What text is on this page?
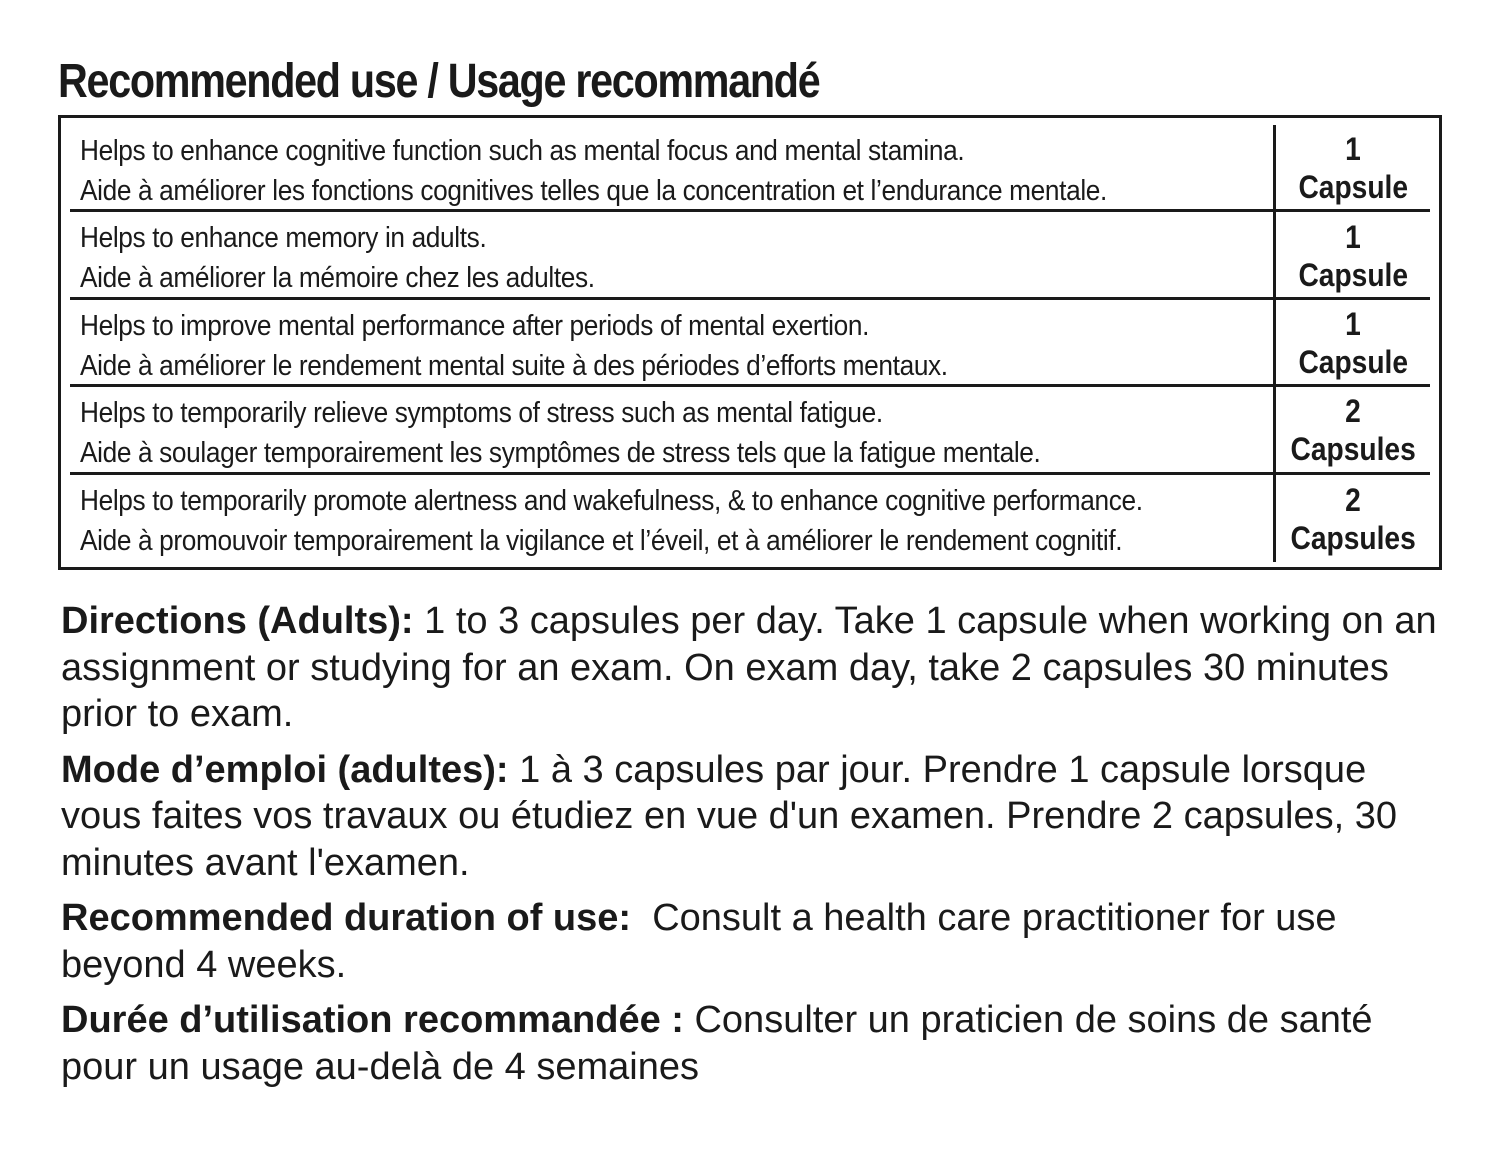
Recommended use / Usage recommandé
Helps to enhance cognitive function such as mental focus and mental stamina.
Aide à améliorer les fonctions cognitives telles que la concentration et l’endurance mentale.
1
Capsule
Helps to enhance memory in adults.
Aide à améliorer la mémoire chez les adultes.
1
Capsule
Helps to improve mental performance after periods of mental exertion.
Aide à améliorer le rendement mental suite à des périodes d’efforts mentaux.
1
Capsule
Helps to temporarily relieve symptoms of stress such as mental fatigue.
Aide à soulager temporairement les symptômes de stress tels que la fatigue mentale.
2
Capsules
Helps to temporarily promote alertness and wakefulness, & to enhance cognitive performance.
Aide à promouvoir temporairement la vigilance et l’éveil, et à améliorer le rendement cognitif.
2
Capsules

Directions (Adults): 1 to 3 capsules per day. Take 1 capsule when working on an assignment or studying for an exam. On exam day, take 2 capsules 30 minutes prior to exam.

Mode d’emploi (adultes): 1 à 3 capsules par jour. Prendre 1 capsule lorsque vous faites vos travaux ou étudiez en vue d'un examen. Prendre 2 capsules, 30 minutes avant l'examen.

Recommended duration of use: Consult a health care practitioner for use beyond 4 weeks.

Durée d’utilisation recommandée : Consulter un praticien de soins de santé pour un usage au-delà de 4 semaines
